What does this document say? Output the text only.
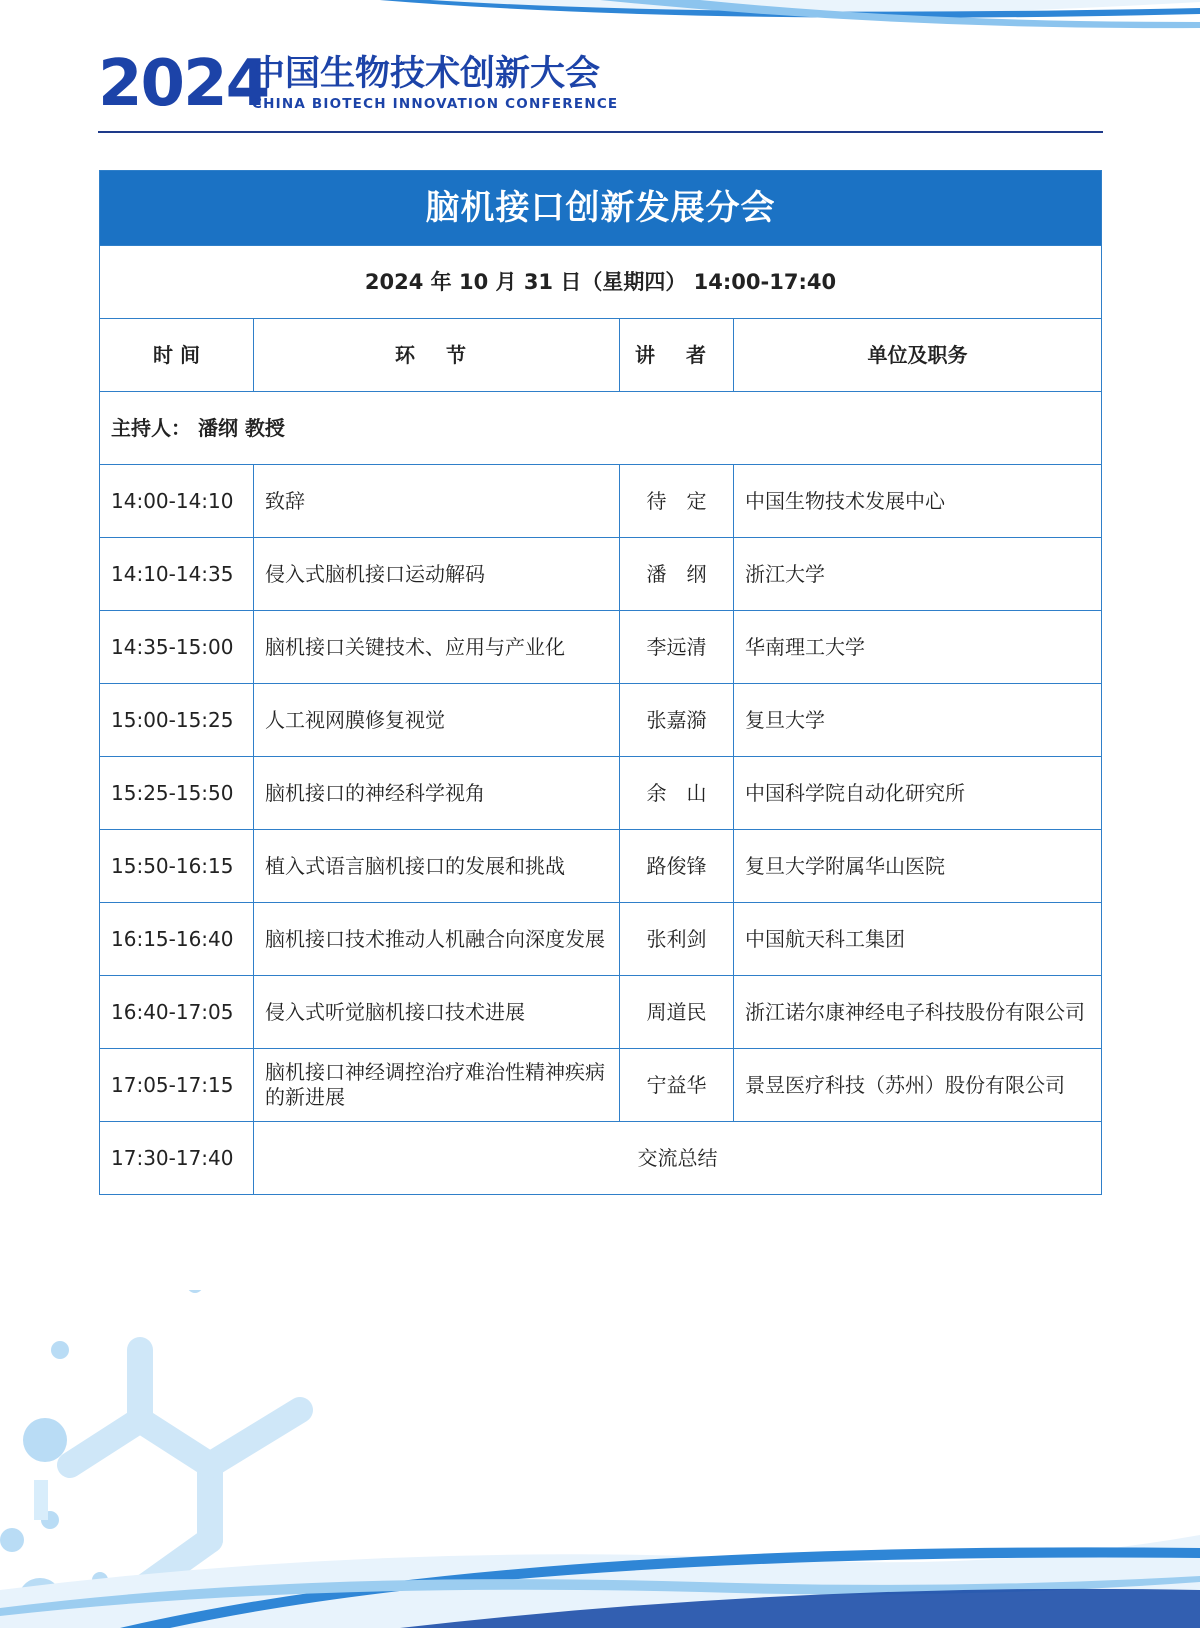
2024
中国生物技术创新大会
CHINA BIOTECH INNOVATION CONFERENCE
脑机接口创新发展分会			
2024 年 10 月 31 日（星期四） 14:00-17:40			
时 间	环 节	讲 者	单位及职务
主持人： 潘纲 教授			
14:00-14:10	致辞	待　定	中国生物技术发展中心
14:10-14:35	侵入式脑机接口运动解码	潘　纲	浙江大学
14:35-15:00	脑机接口关键技术、应用与产业化	李远清	华南理工大学
15:00-15:25	人工视网膜修复视觉	张嘉漪	复旦大学
15:25-15:50	脑机接口的神经科学视角	余　山	中国科学院自动化研究所
15:50-16:15	植入式语言脑机接口的发展和挑战	路俊锋	复旦大学附属华山医院
16:15-16:40	脑机接口技术推动人机融合向深度发展	张利剑	中国航天科工集团
16:40-17:05	侵入式听觉脑机接口技术进展	周道民	浙江诺尔康神经电子科技股份有限公司
17:05-17:15	脑机接口神经调控治疗难治性精神疾病的新进展	宁益华	景昱医疗科技（苏州）股份有限公司
17:30-17:40	交流总结		
